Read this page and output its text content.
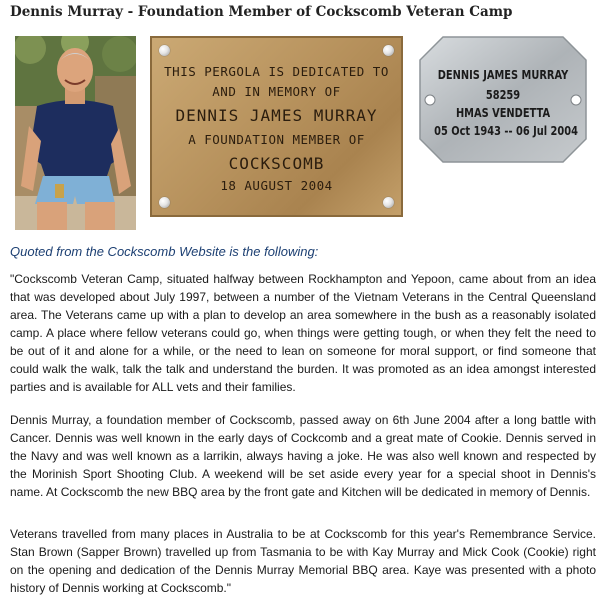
Dennis Murray - Foundation Member of Cockscomb Veteran Camp
THIS PERGOLA IS DEDICATED TO
AND IN MEMORY OF
DENNIS JAMES MURRAY
A FOUNDATION MEMBER OF
COCKSCOMB
18 AUGUST 2004
DENNIS JAMES MURRAY
58259
HMAS VENDETTA
05 Oct 1943 -- 06 Jul 2004
Quoted from the Cockscomb Website is the following:

"Cockscomb Veteran Camp, situated halfway between Rockhampton and Yepoon, came about from an idea that was developed about July 1997, between a number of the Vietnam Veterans in the Central Queensland area. The Veterans came up with a plan to develop an area somewhere in the bush as a reasonably isolated camp. A place where fellow veterans could go, when things were getting tough, or when they felt the need to be out of it and alone for a while, or the need to lean on someone for moral support, or find someone that could walk the walk, talk the talk and understand the burden. It was promoted as an idea amongst interested parties and is available for ALL vets and their families.

Dennis Murray, a foundation member of Cockscomb, passed away on 6th June 2004 after a long battle with Cancer. Dennis was well known in the early days of Cockcomb and a great mate of Cookie. Dennis served in the Navy and was well known as a larrikin, always having a joke. He was also well known and respected by the Morinish Sport Shooting Club. A weekend will be set aside every year for a special shoot in Dennis's name. At Cockscomb the new BBQ area by the front gate and Kitchen will be dedicated in memory of Dennis.

Veterans travelled from many places in Australia to be at Cockscomb for this year's Remembrance Service. Stan Brown (Sapper Brown) travelled up from Tasmania to be with Kay Murray and Mick Cook (Cookie) right on the opening and dedication of the Dennis Murray Memorial BBQ area. Kaye was presented with a photo history of Dennis working at Cockscomb."
